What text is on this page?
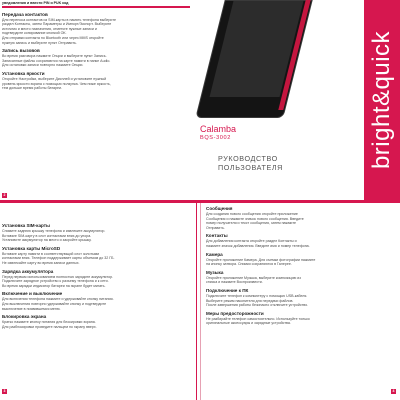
уведомления и ввести PIN и PUK код
Передача контактов
Для переноса контактов из SIM-карты в память телефона выберите
раздел Контакты, затем Параметры и Импорт/Экспорт. Выберите
источник и место назначения, отметьте нужные записи и
подтвердите копирование кнопкой ОК.
Для отправки контакта по Bluetooth или через MMS откройте
нужную запись и выберите пункт Отправить.
Запись вызовов
Во время разговора нажмите Опции и выберите пункт Запись.
Записанные файлы сохраняются на карте памяти в папке Audio.
Для остановки записи повторно нажмите Опции.
Установка яркости
Откройте Настройки, выберите Дисплей и установите нужный
уровень яркости экрана с помощью ползунка. Чем ниже яркость,
тем дольше время работы батареи.
2
Calamba
BQS-3002
РУКОВОДСТВО
ПОЛЬЗОВАТЕЛЯ	bright&quick
Установка SIM-карты
Снимите заднюю крышку телефона и извлеките аккумулятор.
Вставьте SIM-карту в слот контактами вниз до упора.
Установите аккумулятор на место и закройте крышку.
Установка карты MicroSD
Вставьте карту памяти в соответствующий слот золотыми
контактами вниз. Телефон поддерживает карты объемом до 32 ГБ.
Не извлекайте карту во время записи данных.
Зарядка аккумулятора
Перед первым использованием полностью зарядите аккумулятор.
Подключите зарядное устройство к разъему телефона и к сети.
Во время зарядки индикатор батареи на экране будет мигать.
Включение и выключение
Для включения телефона нажмите и удерживайте кнопку питания.
Для выключения повторно удерживайте кнопку и подтвердите
выключение в появившемся меню.
Блокировка экрана
Кратко нажмите кнопку питания для блокировки экрана.
Для разблокировки проведите пальцем по экрану вверх.
3
Сообщения
Для создания нового сообщения откройте приложение
Сообщения и нажмите значок нового сообщения. Введите
номер получателя и текст сообщения, затем нажмите
Отправить.
Контакты
Для добавления контакта откройте раздел Контакты и
нажмите значок добавления. Введите имя и номер телефона.
Камера
Откройте приложение Камера. Для съемки фотографии нажмите
на кнопку затвора. Снимки сохраняются в Галерее.
Музыка
Откройте приложение Музыка, выберите композицию из
списка и нажмите Воспроизвести.
Подключение к ПК
Подключите телефон к компьютеру с помощью USB-кабеля.
Выберите режим накопителя для передачи файлов.
После завершения работы безопасно отключите устройство.
Меры предосторожности
Не разбирайте телефон самостоятельно. Используйте только
оригинальные аксессуары и зарядные устройства.
4
